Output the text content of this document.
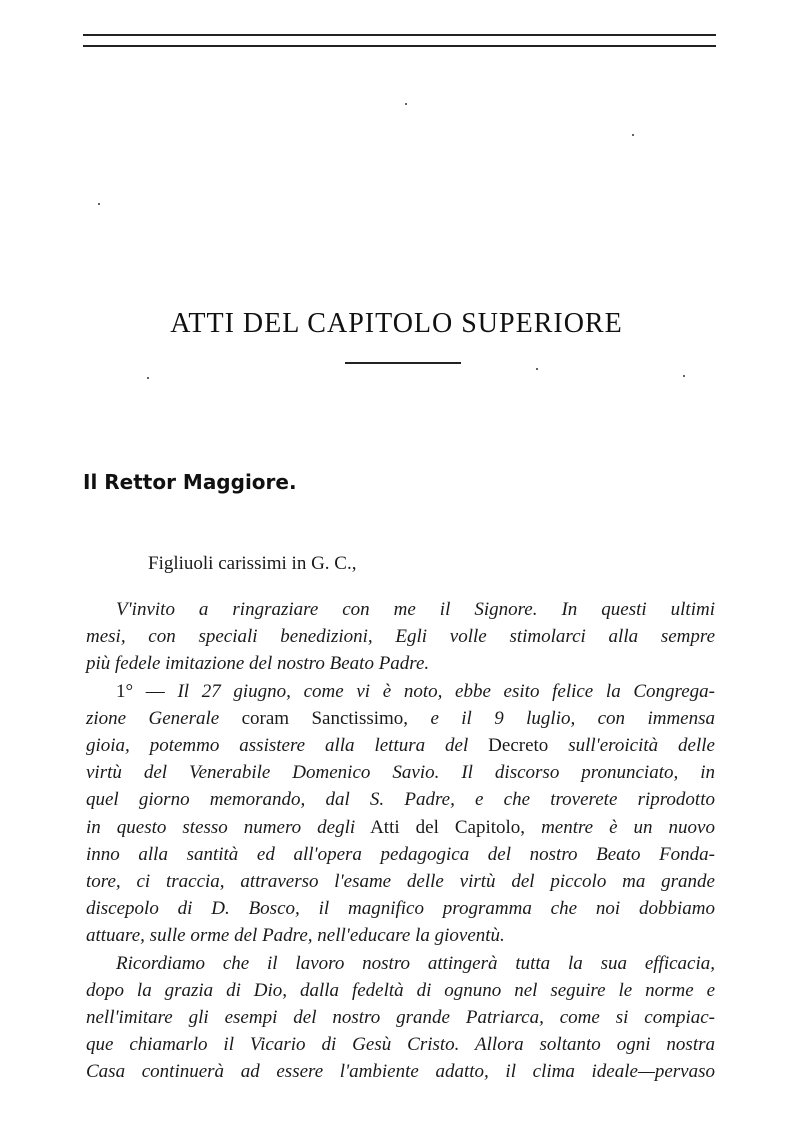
ATTI DEL CAPITOLO SUPERIORE
Il Rettor Maggiore.
Figliuoli carissimi in G. C.,
V'invito a ringraziare con me il Signore. In questi ultimi
mesi, con speciali benedizioni, Egli volle stimolarci alla sempre
più fedele imitazione del nostro Beato Padre.
1° — Il 27 giugno, come vi è noto, ebbe esito felice la Congrega-
zione Generale coram Sanctissimo, e il 9 luglio, con immensa
gioia, potemmo assistere alla lettura del Decreto sull'eroicità delle
virtù del Venerabile Domenico Savio. Il discorso pronunciato, in
quel giorno memorando, dal S. Padre, e che troverete riprodotto
in questo stesso numero degli Atti del Capitolo, mentre è un nuovo
inno alla santità ed all'opera pedagogica del nostro Beato Fonda-
tore, ci traccia, attraverso l'esame delle virtù del piccolo ma grande
discepolo di D. Bosco, il magnifico programma che noi dobbiamo
attuare, sulle orme del Padre, nell'educare la gioventù.
Ricordiamo che il lavoro nostro attingerà tutta la sua efficacia,
dopo la grazia di Dio, dalla fedeltà di ognuno nel seguire le norme e
nell'imitare gli esempi del nostro grande Patriarca, come si compiac-
que chiamarlo il Vicario di Gesù Cristo. Allora soltanto ogni nostra
Casa continuerà ad essere l'ambiente adatto, il clima ideale—pervaso
